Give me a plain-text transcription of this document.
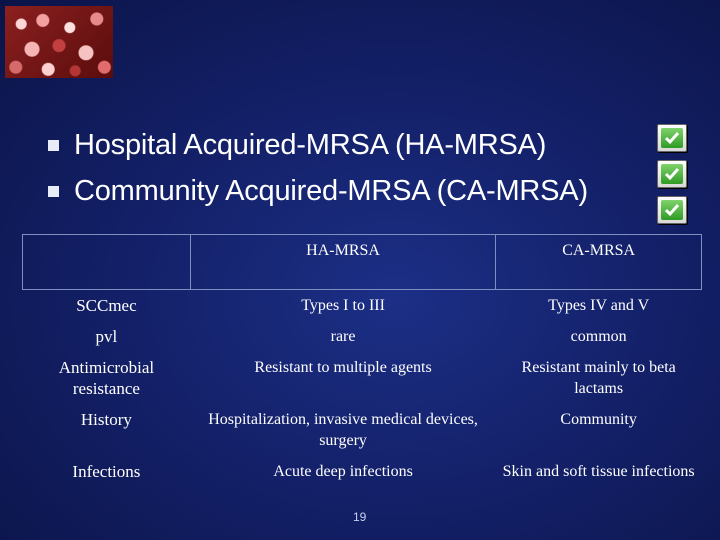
Hospital Acquired-MRSA (HA-MRSA)
Community Acquired-MRSA (CA-MRSA)
	HA-MRSA	CA-MRSA
SCCmec	Types I to III	Types IV and V
pvl	rare	common
Antimicrobial resistance	Resistant to multiple agents	Resistant mainly to beta lactams
History	Hospitalization, invasive medical devices, surgery	Community
Infections	Acute deep infections	Skin and soft tissue infections
19
